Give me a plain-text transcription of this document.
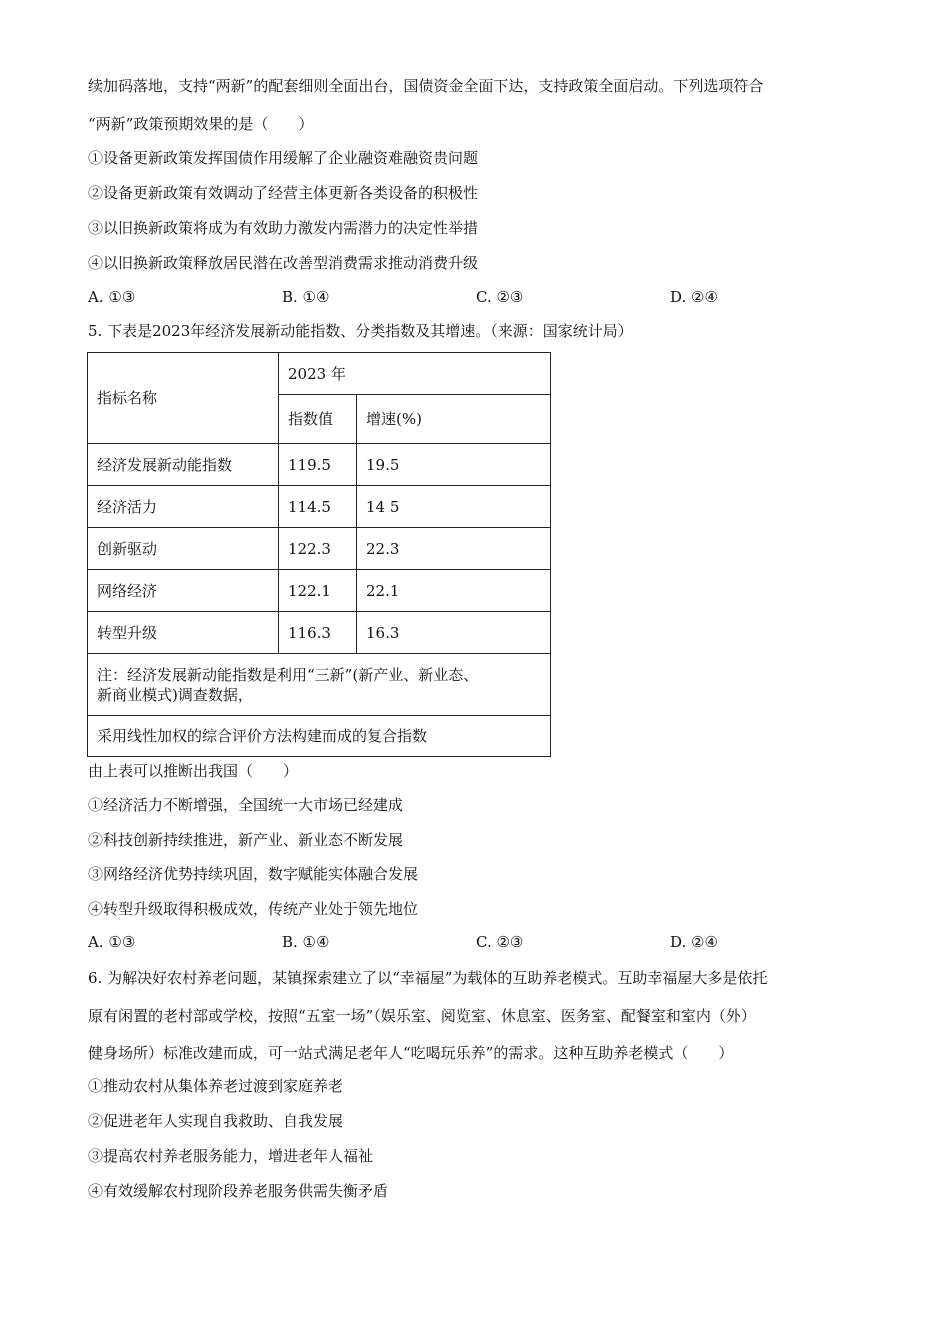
续加码落地，支持“两新”的配套细则全面出台，国债资金全面下达，支持政策全面启动。下列选项符合
“两新”政策预期效果的是（　　）
①设备更新政策发挥国债作用缓解了企业融资难融资贵问题
②设备更新政策有效调动了经营主体更新各类设备的积极性
③以旧换新政策将成为有效助力激发内需潜力的决定性举措
④以旧换新政策释放居民潜在改善型消费需求推动消费升级
A. ①③	B. ①④	C. ②③	D. ②④
5. 下表是2023年经济发展新动能指数、分类指数及其增速。（来源：国家统计局）
指标名称	2023 年	
	指数值	增速(%)
经济发展新动能指数	119.5	19.5
经济活力	114.5	14 5
创新驱动	122.3	22.3
网络经济	122.1	22.1
转型升级	116.3	16.3

注：经济发展新动能指数是利用“三新”(新产业、新业态、
新商业模式)调查数据，		

采用线性加权的综合评价方法构建而成的复合指数		
由上表可以推断出我国（　　）
①经济活力不断增强，全国统一大市场已经建成
②科技创新持续推进，新产业、新业态不断发展
③网络经济优势持续巩固，数字赋能实体融合发展
④转型升级取得积极成效，传统产业处于领先地位
A. ①③	B. ①④	C. ②③	D. ②④
6. 为解决好农村养老问题，某镇探索建立了以“幸福屋”为载体的互助养老模式。互助幸福屋大多是依托
原有闲置的老村部或学校，按照“五室一场”（娱乐室、阅览室、休息室、医务室、配餐室和室内（外）
健身场所）标准改建而成，可一站式满足老年人“吃喝玩乐养”的需求。这种互助养老模式（　　）
①推动农村从集体养老过渡到家庭养老
②促进老年人实现自我救助、自我发展
③提高农村养老服务能力，增进老年人福祉
④有效缓解农村现阶段养老服务供需失衡矛盾
